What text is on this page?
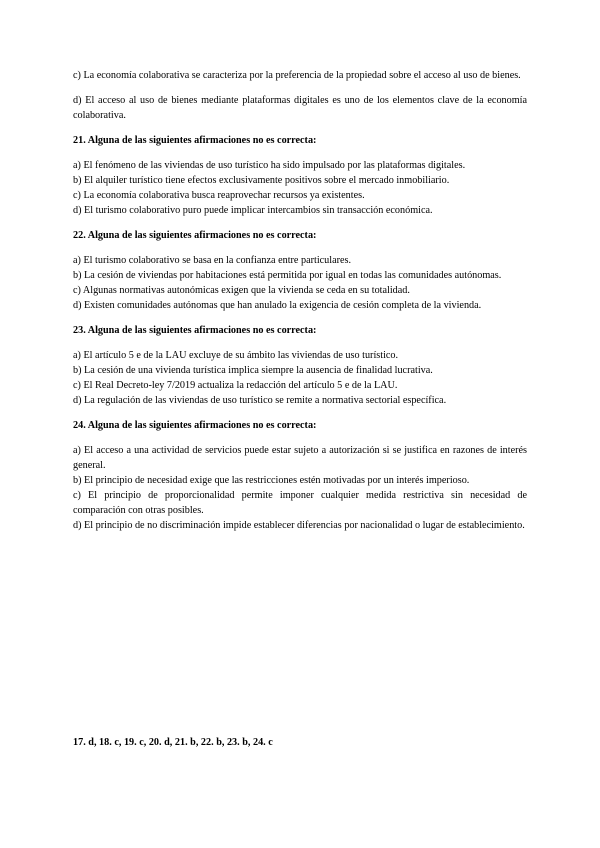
c) La economía colaborativa se caracteriza por la preferencia de la propiedad sobre el acceso al uso de bienes.

d) El acceso al uso de bienes mediante plataformas digitales es uno de los elementos clave de la economía colaborativa.

21. Alguna de las siguientes afirmaciones no es correcta:

a) El fenómeno de las viviendas de uso turístico ha sido impulsado por las plataformas digitales.

b) El alquiler turístico tiene efectos exclusivamente positivos sobre el mercado inmobiliario.

c) La economía colaborativa busca reaprovechar recursos ya existentes.

d) El turismo colaborativo puro puede implicar intercambios sin transacción económica.

22. Alguna de las siguientes afirmaciones no es correcta:

a) El turismo colaborativo se basa en la confianza entre particulares.

b) La cesión de viviendas por habitaciones está permitida por igual en todas las comunidades autónomas.

c) Algunas normativas autonómicas exigen que la vivienda se ceda en su totalidad.

d) Existen comunidades autónomas que han anulado la exigencia de cesión completa de la vivienda.

23. Alguna de las siguientes afirmaciones no es correcta:

a) El artículo 5 e de la LAU excluye de su ámbito las viviendas de uso turístico.

b) La cesión de una vivienda turística implica siempre la ausencia de finalidad lucrativa.

c) El Real Decreto-ley 7/2019 actualiza la redacción del artículo 5 e de la LAU.

d) La regulación de las viviendas de uso turístico se remite a normativa sectorial específica.

24. Alguna de las siguientes afirmaciones no es correcta:

a) El acceso a una actividad de servicios puede estar sujeto a autorización si se justifica en razones de interés general.

b) El principio de necesidad exige que las restricciones estén motivadas por un interés imperioso.

c) El principio de proporcionalidad permite imponer cualquier medida restrictiva sin necesidad de comparación con otras posibles.

d) El principio de no discriminación impide establecer diferencias por nacionalidad o lugar de establecimiento.

17. d, 18. c, 19. c, 20. d, 21. b, 22. b, 23. b, 24. c
